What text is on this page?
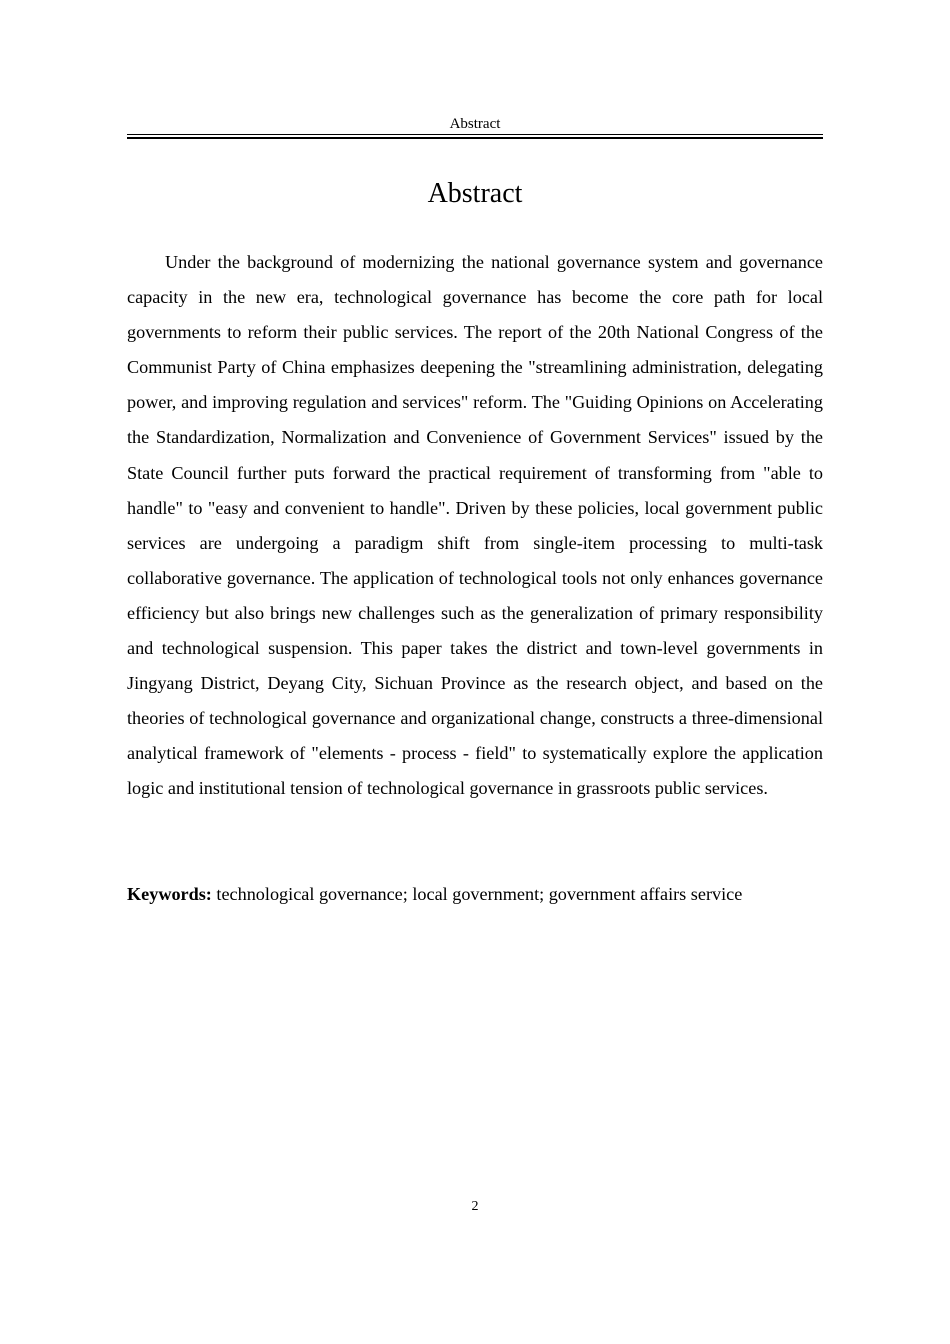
Abstract
Abstract

Under the background of modernizing the national governance system and governance capacity in the new era, technological governance has become the core path for local governments to reform their public services. The report of the 20th National Congress of the Communist Party of China emphasizes deepening the "streamlining administration, delegating power, and improving regulation and services" reform. The "Guiding Opinions on Accelerating the Standardization, Normalization and Convenience of Government Services" issued by the State Council further puts forward the practical requirement of transforming from "able to handle" to "easy and convenient to handle". Driven by these policies, local government public services are undergoing a paradigm shift from single-item processing to multi-task collaborative governance. The application of technological tools not only enhances governance efficiency but also brings new challenges such as the generalization of primary responsibility and technological suspension. This paper takes the district and town-level governments in Jingyang District, Deyang City, Sichuan Province as the research object, and based on the theories of technological governance and organizational change, constructs a three-dimensional analytical framework of "elements - process - field" to systematically explore the application logic and institutional tension of technological governance in grassroots public services.

Keywords: technological governance; local government; government affairs service

2
